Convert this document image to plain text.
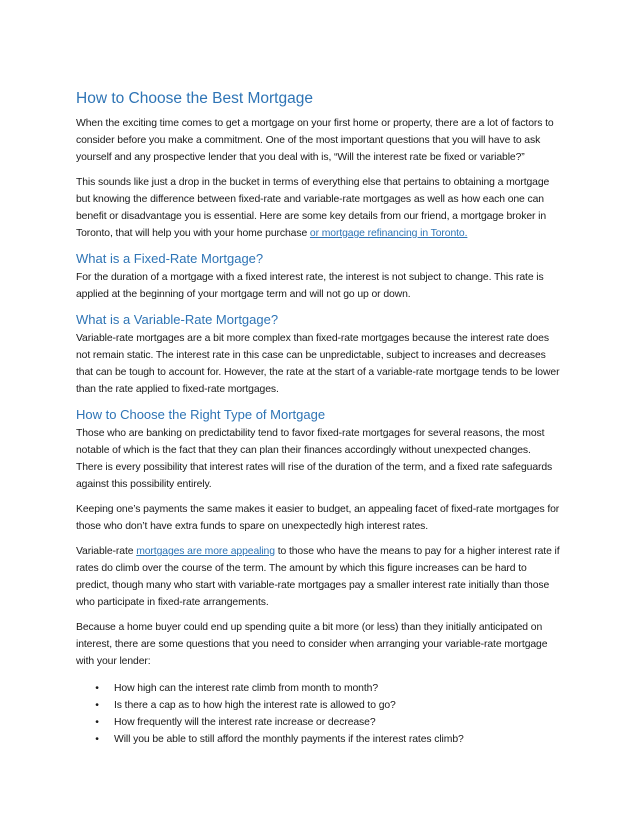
How to Choose the Best Mortgage

When the exciting time comes to get a mortgage on your first home or property, there are a lot of factors to consider before you make a commitment. One of the most important questions that you will have to ask yourself and any prospective lender that you deal with is, “Will the interest rate be fixed or variable?”

This sounds like just a drop in the bucket in terms of everything else that pertains to obtaining a mortgage but knowing the difference between fixed-rate and variable-rate mortgages as well as how each one can benefit or disadvantage you is essential. Here are some key details from our friend, a mortgage broker in Toronto, that will help you with your home purchase or mortgage refinancing in Toronto.

What is a Fixed-Rate Mortgage?

For the duration of a mortgage with a fixed interest rate, the interest is not subject to change. This rate is applied at the beginning of your mortgage term and will not go up or down.

What is a Variable-Rate Mortgage?

Variable-rate mortgages are a bit more complex than fixed-rate mortgages because the interest rate does not remain static. The interest rate in this case can be unpredictable, subject to increases and decreases that can be tough to account for. However, the rate at the start of a variable-rate mortgage tends to be lower than the rate applied to fixed-rate mortgages.

How to Choose the Right Type of Mortgage

Those who are banking on predictability tend to favor fixed-rate mortgages for several reasons, the most notable of which is the fact that they can plan their finances accordingly without unexpected changes. There is every possibility that interest rates will rise of the duration of the term, and a fixed rate safeguards against this possibility entirely.

Keeping one’s payments the same makes it easier to budget, an appealing facet of fixed-rate mortgages for those who don’t have extra funds to spare on unexpectedly high interest rates.

Variable-rate mortgages are more appealing to those who have the means to pay for a higher interest rate if rates do climb over the course of the term. The amount by which this figure increases can be hard to predict, though many who start with variable-rate mortgages pay a smaller interest rate initially than those who participate in fixed-rate arrangements.

Because a home buyer could end up spending quite a bit more (or less) than they initially anticipated on interest, there are some questions that you need to consider when arranging your variable-rate mortgage with your lender:

•	How high can the interest rate climb from month to month?
•	Is there a cap as to how high the interest rate is allowed to go?
•	How frequently will the interest rate increase or decrease?
•	Will you be able to still afford the monthly payments if the interest rates climb?
